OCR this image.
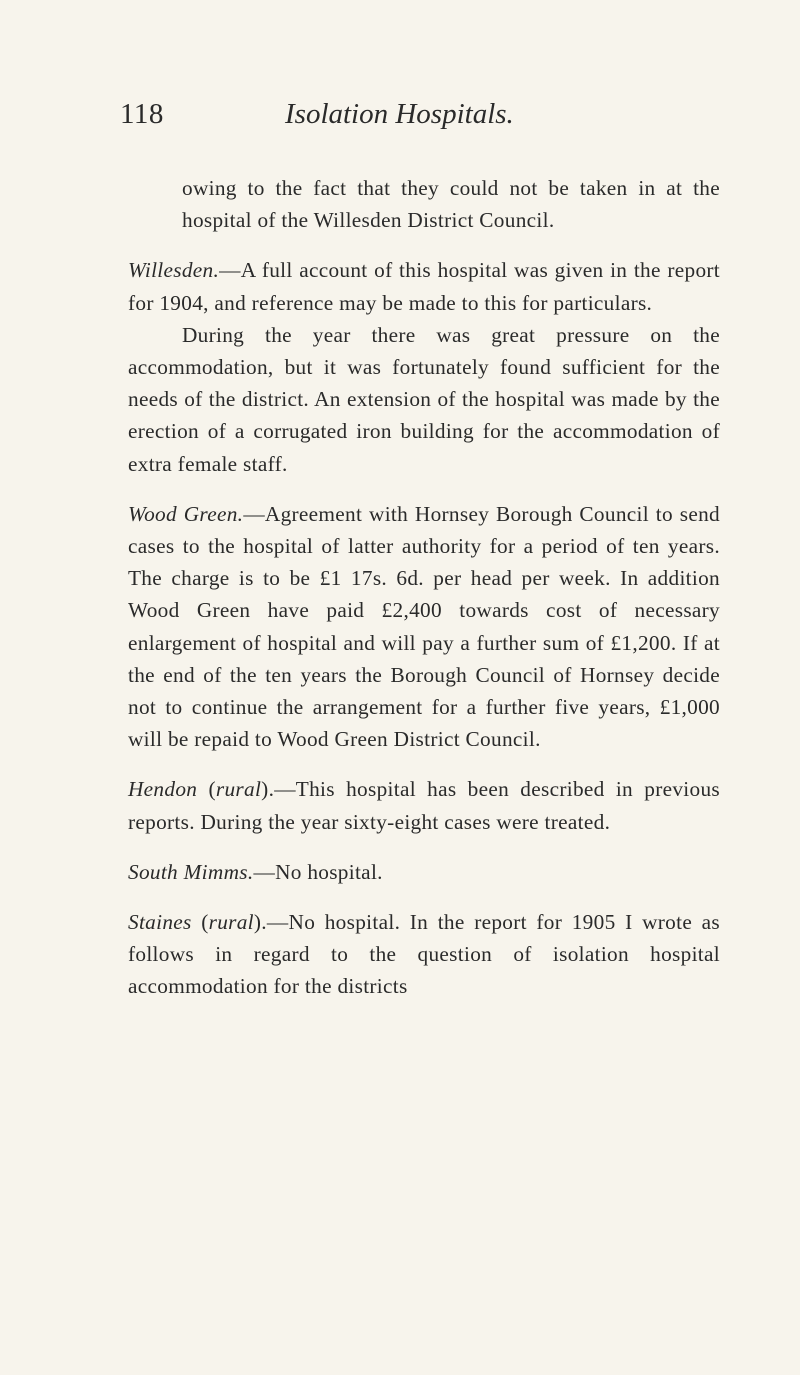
118	Isolation Hospitals.

owing to the fact that they could not be taken in at the hospital of the Willesden District Council.

Willesden.—A full account of this hospital was given in the report for 1904, and reference may be made to this for particulars.

During the year there was great pressure on the accommodation, but it was fortunately found sufficient for the needs of the district. An extension of the hospital was made by the erection of a corrugated iron building for the accommodation of extra female staff.

Wood Green.—Agreement with Hornsey Borough Council to send cases to the hospital of latter authority for a period of ten years. The charge is to be £1 17s. 6d. per head per week. In addition Wood Green have paid £2,400 towards cost of necessary enlargement of hospital and will pay a further sum of £1,200. If at the end of the ten years the Borough Council of Hornsey decide not to continue the arrangement for a further five years, £1,000 will be repaid to Wood Green District Council.

Hendon (rural).—This hospital has been described in previous reports. During the year sixty-eight cases were treated.

South Mimms.—No hospital.

Staines (rural).—No hospital. In the report for 1905 I wrote as follows in regard to the question of isolation hospital accommodation for the districts
